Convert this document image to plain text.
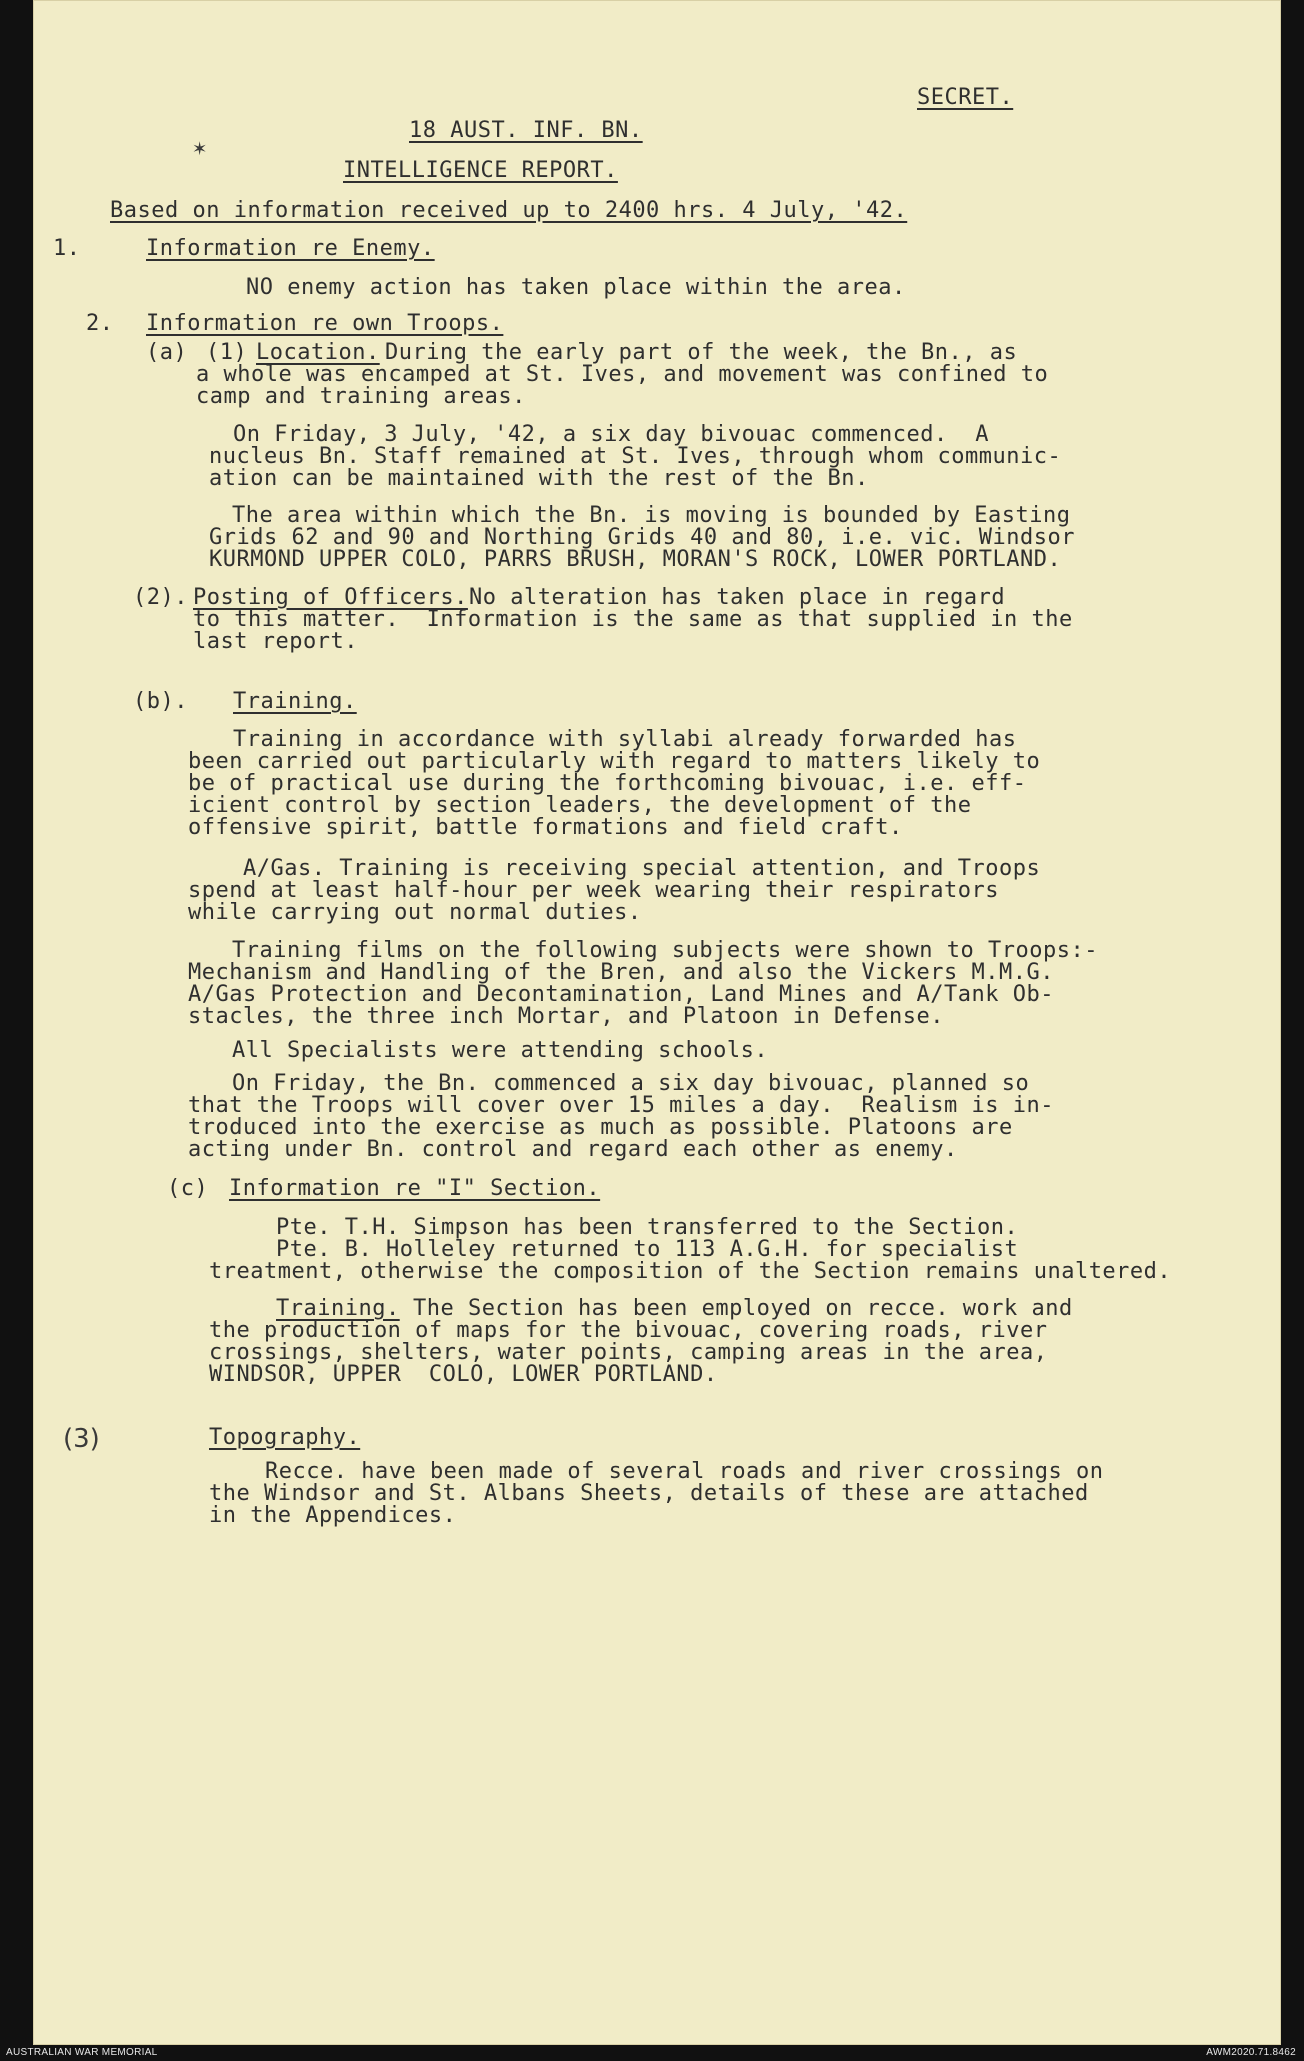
✶
SECRET.
18 AUST. INF. BN.
INTELLIGENCE REPORT.
Based on information received up to 2400 hrs. 4 July, '42.
1.	Information re Enemy.
NO enemy action has taken place within the area.
2. Information re own Troops.
(a) (1) Location. During the early part of the week, the Bn., as
a whole was encamped at St. Ives, and movement was confined to
camp and training areas.
On Friday, 3 July, '42, a six day bivouac commenced.  A
nucleus Bn. Staff remained at St. Ives, through whom communic-
ation can be maintained with the rest of the Bn.
The area within which the Bn. is moving is bounded by Easting
Grids 62 and 90 and Northing Grids 40 and 80, i.e. vic. Windsor
KURMOND UPPER COLO, PARRS BRUSH, MORAN'S ROCK, LOWER PORTLAND.
(2). Posting of Officers. No alteration has taken place in regard
to this matter.  Information is the same as that supplied in the
last report.
(b). Training.
Training in accordance with syllabi already forwarded has
been carried out particularly with regard to matters likely to
be of practical use during the forthcoming bivouac, i.e. eff-
icient control by section leaders, the development of the
offensive spirit, battle formations and field craft.
A/Gas. Training is receiving special attention, and Troops
spend at least half-hour per week wearing their respirators
while carrying out normal duties.
Training films on the following subjects were shown to Troops:-
Mechanism and Handling of the Bren, and also the Vickers M.M.G.
A/Gas Protection and Decontamination, Land Mines and A/Tank Ob-
stacles, the three inch Mortar, and Platoon in Defense.
All Specialists were attending schools.
On Friday, the Bn. commenced a six day bivouac, planned so
that the Troops will cover over 15 miles a day.  Realism is in-
troduced into the exercise as much as possible. Platoons are
acting under Bn. control and regard each other as enemy.
(c) Information re "I" Section.
Pte. T.H. Simpson has been transferred to the Section.
Pte. B. Holleley returned to 113 A.G.H. for specialist
treatment, otherwise the composition of the Section remains unaltered.
Training. The Section has been employed on recce. work and
the production of maps for the bivouac, covering roads, river
crossings, shelters, water points, camping areas in the area,
WINDSOR, UPPER  COLO, LOWER PORTLAND.
(3)	Topography.
Recce. have been made of several roads and river crossings on
the Windsor and St. Albans Sheets, details of these are attached
in the Appendices.
AUSTRALIAN WAR MEMORIAL	AWM2020.71.8462
